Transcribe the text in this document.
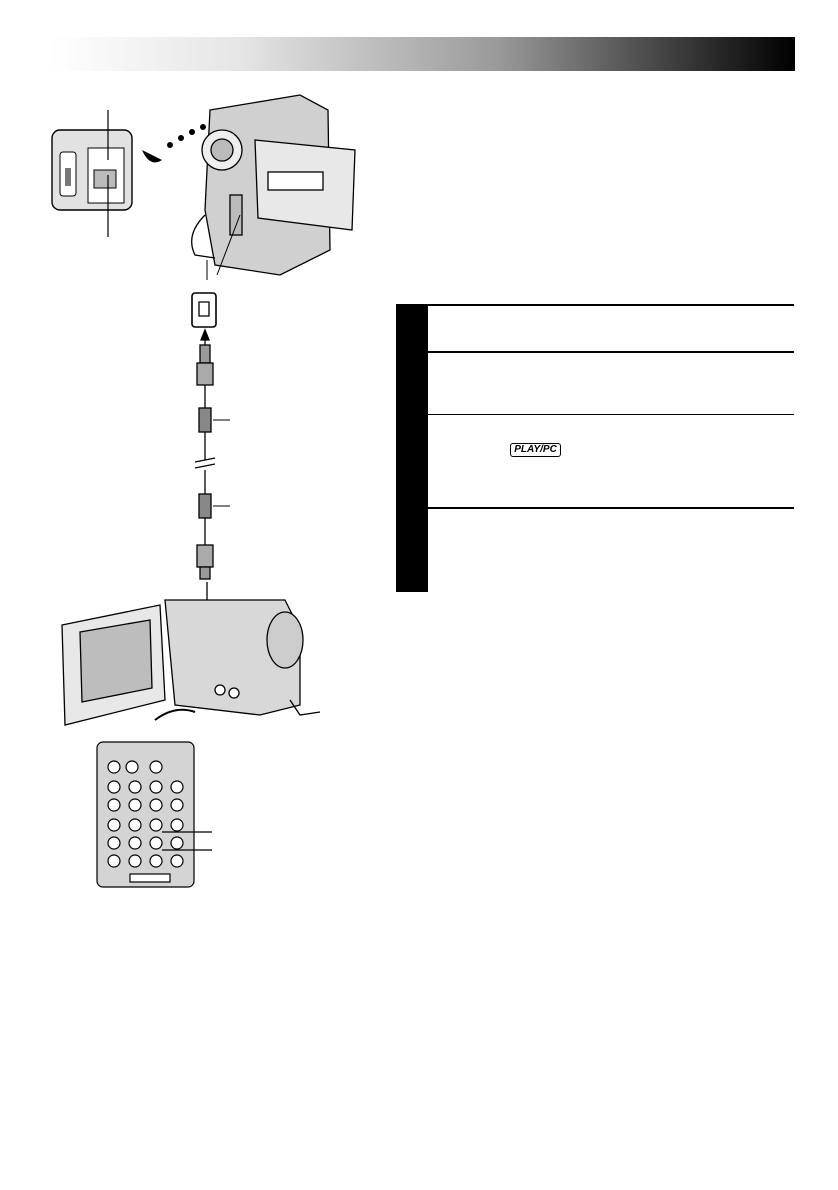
PLAY/PC
